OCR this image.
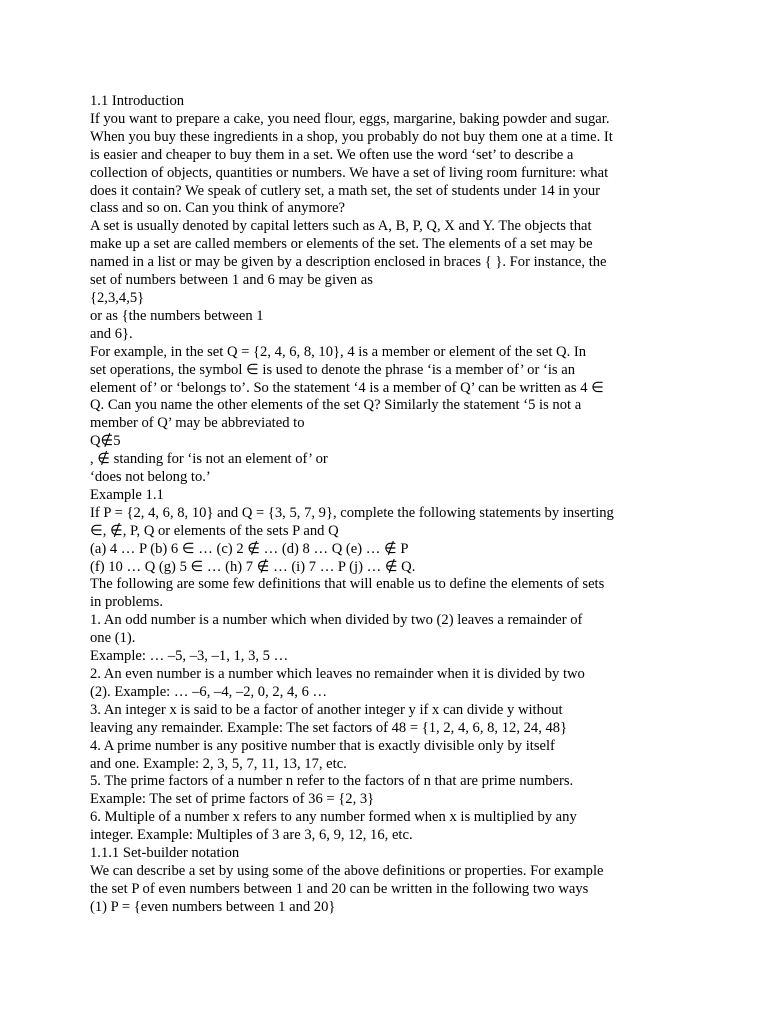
1.1 Introduction
If you want to prepare a cake, you need flour, eggs, margarine, baking powder and sugar.
When you buy these ingredients in a shop, you probably do not buy them one at a time. It
is easier and cheaper to buy them in a set. We often use the word ‘set’ to describe a
collection of objects, quantities or numbers. We have a set of living room furniture: what
does it contain? We speak of cutlery set, a math set, the set of students under 14 in your
class and so on. Can you think of anymore?
A set is usually denoted by capital letters such as A, B, P, Q, X and Y. The objects that
make up a set are called members or elements of the set. The elements of a set may be
named in a list or may be given by a description enclosed in braces { }. For instance, the
set of numbers between 1 and 6 may be given as
{2,3,4,5}
or as {the numbers between 1
and 6}.
For example, in the set Q = {2, 4, 6, 8, 10}, 4 is a member or element of the set Q. In
set operations, the symbol ∈ is used to denote the phrase ‘is a member of’ or ‘is an
element of’ or ‘belongs to’. So the statement ‘4 is a member of Q’ can be written as 4 ∈
Q. Can you name the other elements of the set Q? Similarly the statement ‘5 is not a
member of Q’ may be abbreviated to
Q∉5
, ∉ standing for ‘is not an element of’ or
‘does not belong to.’
Example 1.1
If P = {2, 4, 6, 8, 10} and Q = {3, 5, 7, 9}, complete the following statements by inserting
∈, ∉, P, Q or elements of the sets P and Q
(a) 4 … P (b) 6 ∈ … (c) 2 ∉ … (d) 8 … Q (e) … ∉ P
(f) 10 … Q (g) 5 ∈ … (h) 7 ∉ … (i) 7 … P (j) … ∉ Q.
The following are some few definitions that will enable us to define the elements of sets
in problems.
1. An odd number is a number which when divided by two (2) leaves a remainder of
one (1).
Example: … –5, –3, –1, 1, 3, 5 …
2. An even number is a number which leaves no remainder when it is divided by two
(2). Example: … –6, –4, –2, 0, 2, 4, 6 …
3. An integer x is said to be a factor of another integer y if x can divide y without
leaving any remainder. Example: The set factors of 48 = {1, 2, 4, 6, 8, 12, 24, 48}
4. A prime number is any positive number that is exactly divisible only by itself
and one. Example: 2, 3, 5, 7, 11, 13, 17, etc.
5. The prime factors of a number n refer to the factors of n that are prime numbers.
Example: The set of prime factors of 36 = {2, 3}
6. Multiple of a number x refers to any number formed when x is multiplied by any
integer. Example: Multiples of 3 are 3, 6, 9, 12, 16, etc.
1.1.1 Set-builder notation
We can describe a set by using some of the above definitions or properties. For example
the set P of even numbers between 1 and 20 can be written in the following two ways
(1) P = {even numbers between 1 and 20}
